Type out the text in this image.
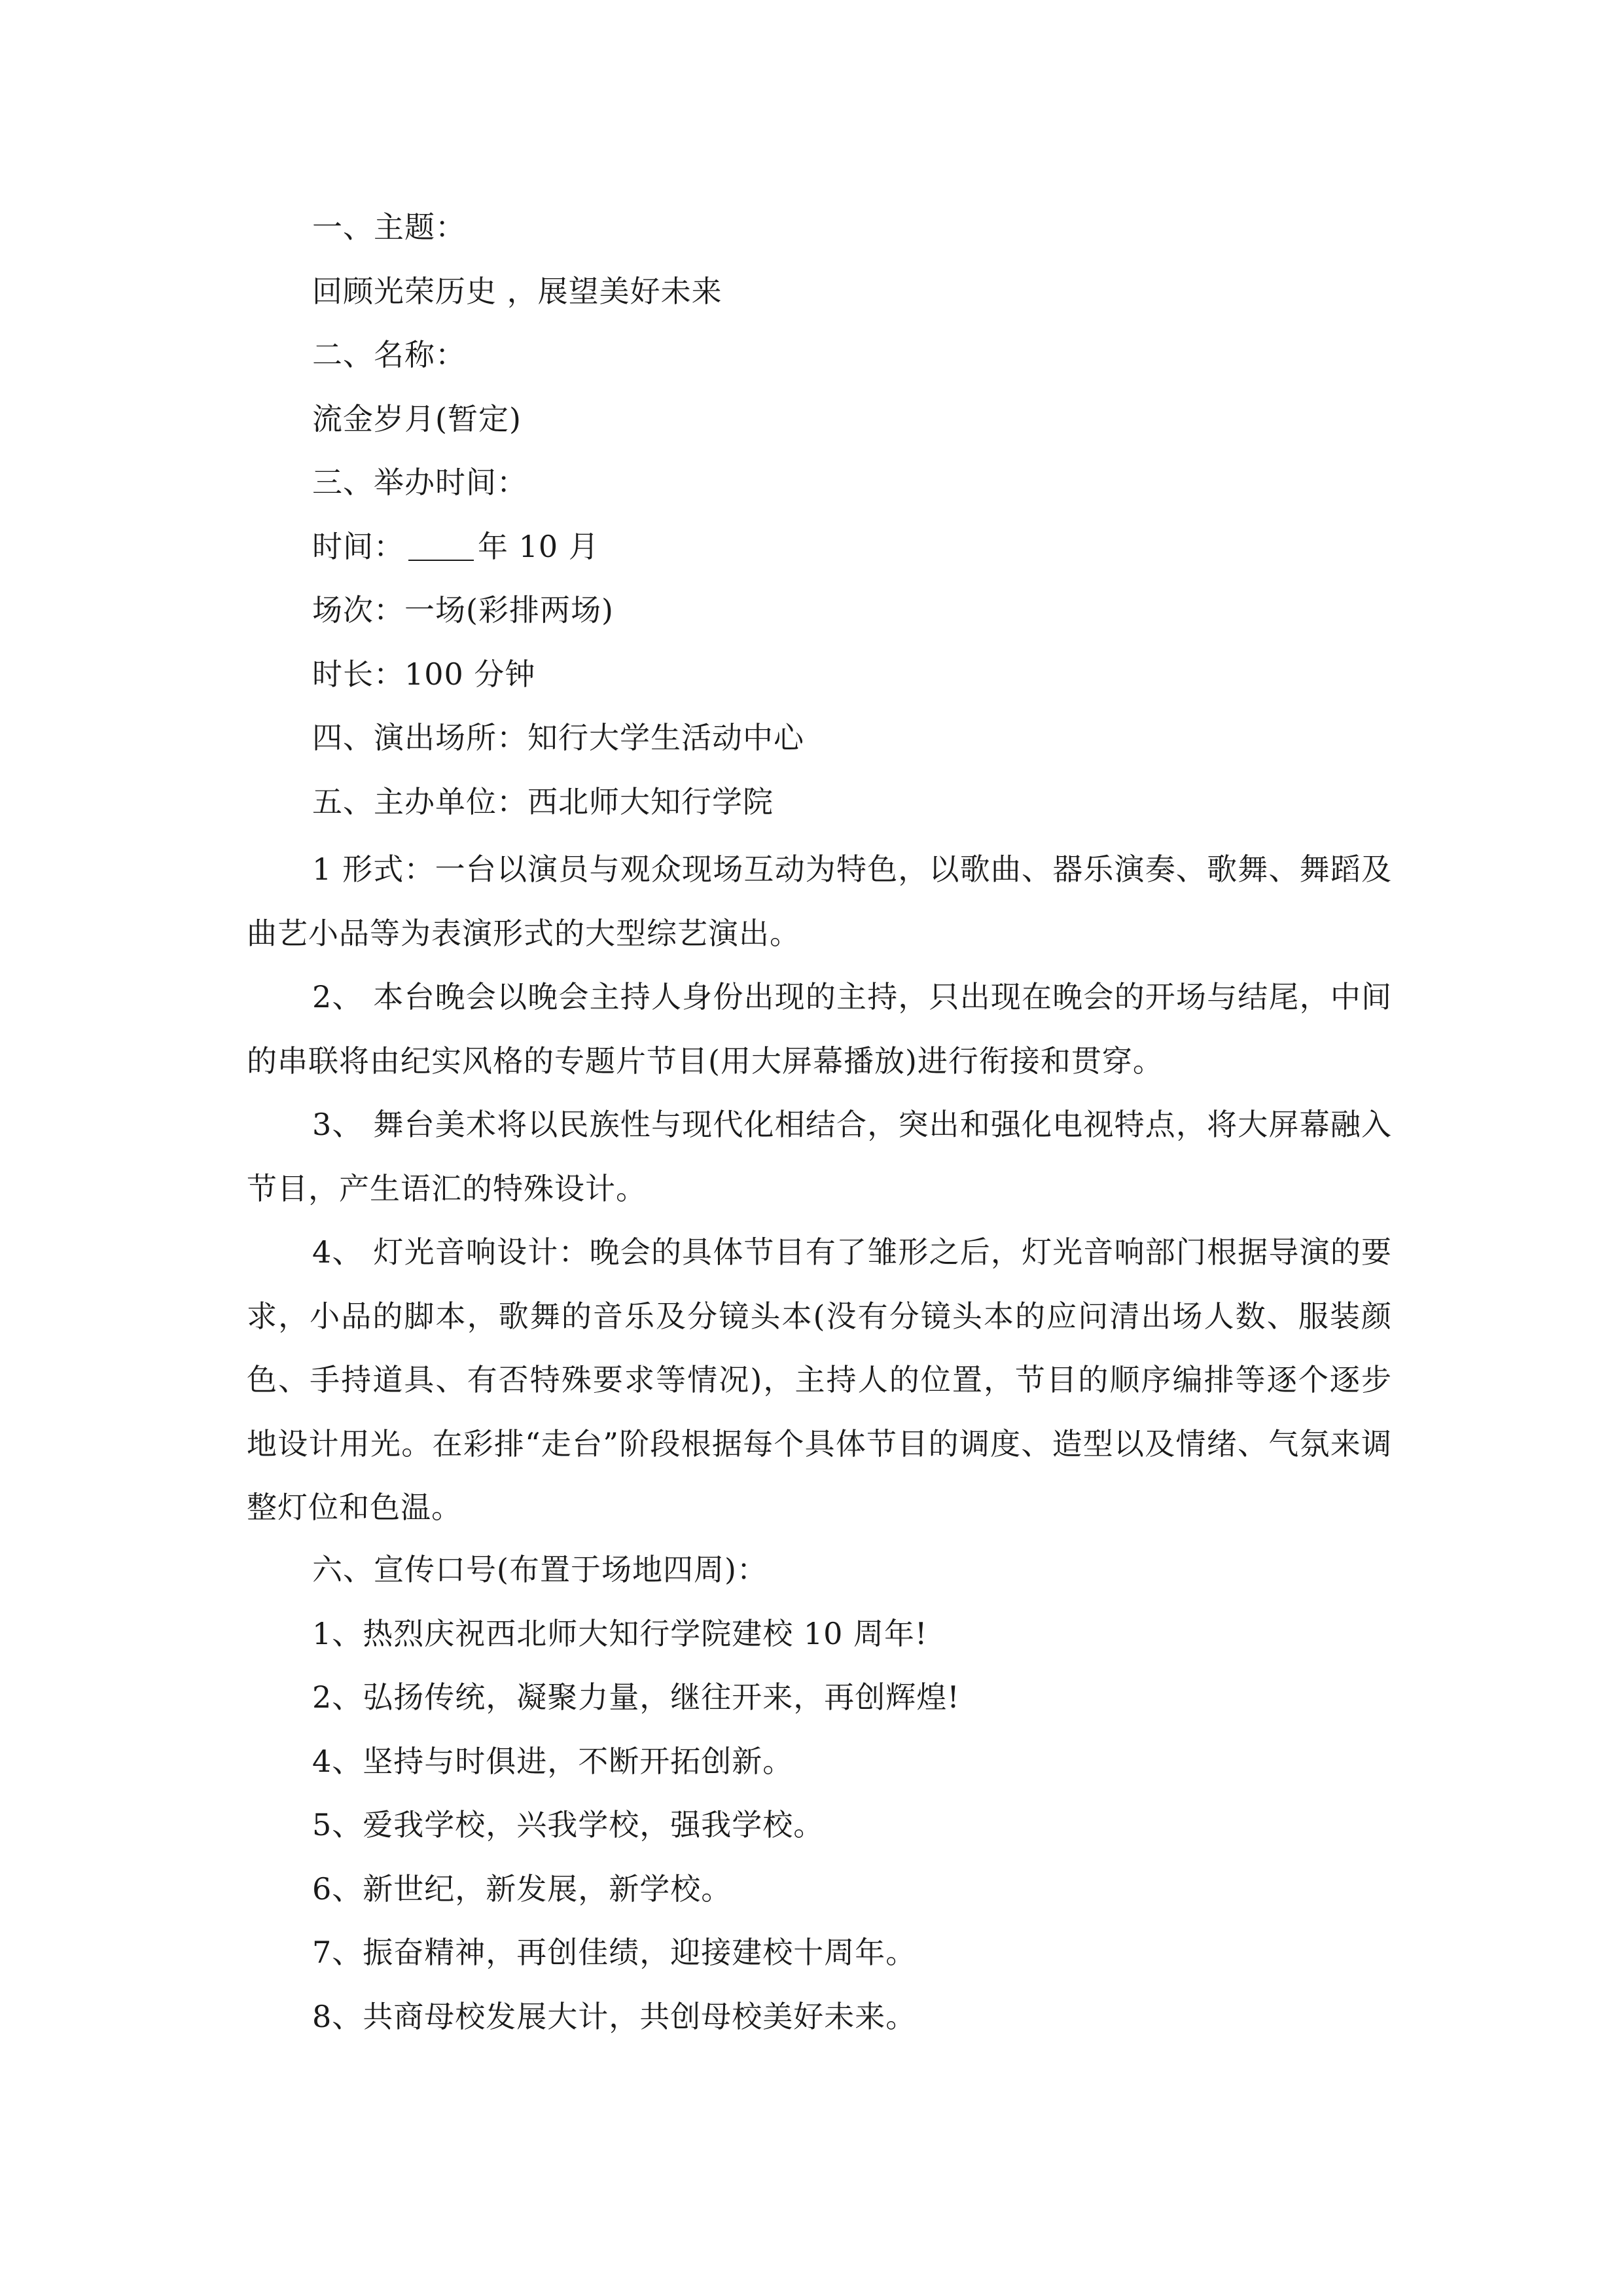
一、主题：
回顾光荣历史 ，展望美好未来
二、名称：
流金岁月(暂定)
三、举办时间：
时间： 年 10 月
场次：一场(彩排两场)
时长：100 分钟
四、演出场所：知行大学生活动中心
五、主办单位：西北师大知行学院
1 形式：一台以演员与观众现场互动为特色，以歌曲、器乐演奏、歌舞、舞蹈及曲艺小品等为表演形式的大型综艺演出。
2、 本台晚会以晚会主持人身份出现的主持，只出现在晚会的开场与结尾，中间的串联将由纪实风格的专题片节目(用大屏幕播放)进行衔接和贯穿。
3、 舞台美术将以民族性与现代化相结合，突出和强化电视特点，将大屏幕融入节目，产生语汇的特殊设计。
4、 灯光音响设计：晚会的具体节目有了雏形之后，灯光音响部门根据导演的要求，小品的脚本，歌舞的音乐及分镜头本(没有分镜头本的应问清出场人数、服装颜色、手持道具、有否特殊要求等情况)，主持人的位置，节目的顺序编排等逐个逐步地设计用光。在彩排“走台”阶段根据每个具体节目的调度、造型以及情绪、气氛来调整灯位和色温。
六、宣传口号(布置于场地四周)：
1、热烈庆祝西北师大知行学院建校 10 周年!
2、弘扬传统，凝聚力量，继往开来，再创辉煌!
4、坚持与时俱进，不断开拓创新。
5、爱我学校，兴我学校，强我学校。
6、新世纪，新发展，新学校。
7、振奋精神，再创佳绩，迎接建校十周年。
8、共商母校发展大计，共创母校美好未来。
